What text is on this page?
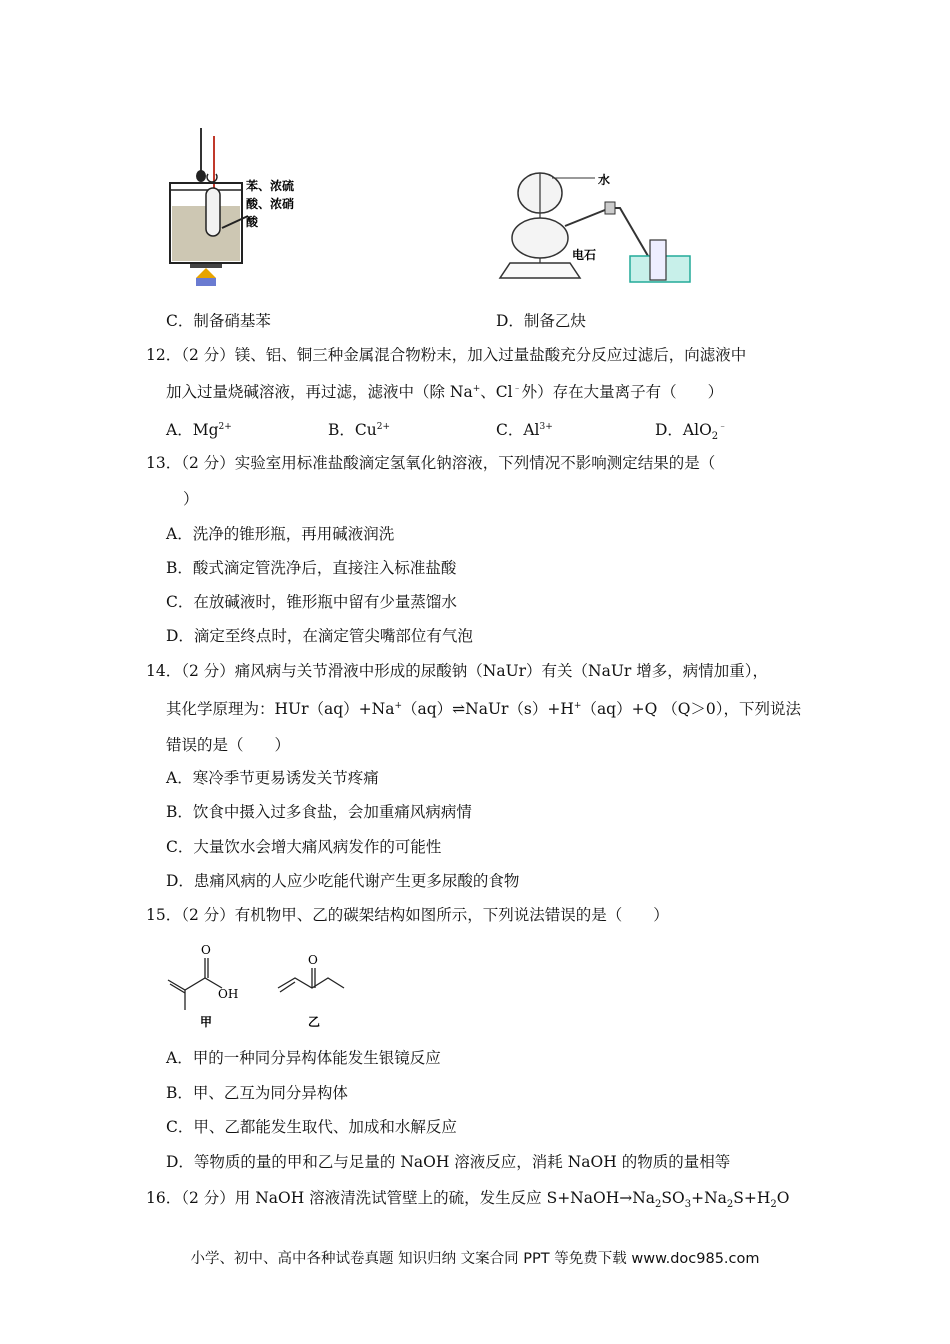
苯、浓硫
酸、浓硝
酸
水
电石
C．制备硝基苯	D．制备乙炔
12．（2 分）镁、铝、铜三种金属混合物粉末，加入过量盐酸充分反应过滤后，向滤液中
加入过量烧碱溶液，再过滤，滤液中（除 Na+、Cl﹣外）存在大量离子有（　　）
A．$Mg^{2+}$	B．$Cu^{2+}$	C．$Al^{3+}$	D．AlO$_2$﹣
13．（2 分）实验室用标准盐酸滴定氢氧化钠溶液，下列情况不影响测定结果的是（
）
A．洗净的锥形瓶，再用碱液润洗
B．酸式滴定管洗净后，直接注入标准盐酸
C．在放碱液时，锥形瓶中留有少量蒸馏水
D．滴定至终点时，在滴定管尖嘴部位有气泡
14．（2 分）痛风病与关节滑液中形成的尿酸钠（NaUr）有关（NaUr 增多，病情加重），
其化学原理为：HUr（aq）+Na+（aq）⇌NaUr（s）+H+（aq）+Q （Q＞0），下列说法
错误的是（　　）
A．寒冷季节更易诱发关节疼痛
B．饮食中摄入过多食盐，会加重痛风病病情
C．大量饮水会增大痛风病发作的可能性
D．患痛风病的人应少吃能代谢产生更多尿酸的食物
15．（2 分）有机物甲、乙的碳架结构如图所示，下列说法错误的是（　　）
O
O
OH
甲	乙
A．甲的一种同分异构体能发生银镜反应
B．甲、乙互为同分异构体
C．甲、乙都能发生取代、加成和水解反应
D．等物质的量的甲和乙与足量的 NaOH 溶液反应，消耗 NaOH 的物质的量相等
16．（2 分）用 NaOH 溶液清洗试管壁上的硫，发生反应 $S+NaOH\to Na_2SO_3+Na_2S+H_2O$
小学、初中、高中各种试卷真题 知识归纳 文案合同 PPT 等免费下载 www.doc985.com
